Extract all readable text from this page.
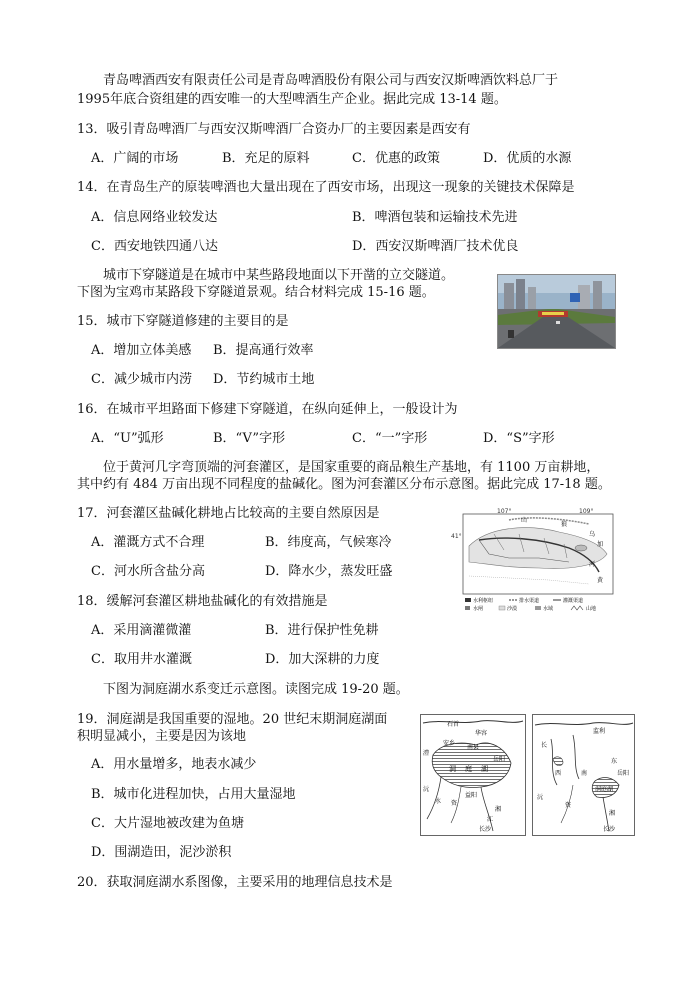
青岛啤酒西安有限责任公司是青岛啤酒股份有限公司与西安汉斯啤酒饮料总厂于
1995年底合资组建的西安唯一的大型啤酒生产企业。据此完成 13-14 题。
13．吸引青岛啤酒厂与西安汉斯啤酒厂合资办厂的主要因素是西安有
A．广阔的市场	B．充足的原料	C．优惠的政策	D．优质的水源
14．在青岛生产的原装啤酒也大量出现在了西安市场，出现这一现象的关键技术保障是
A．信息网络业较发达	B．啤酒包装和运输技术先进
C．西安地铁四通八达	D．西安汉斯啤酒厂技术优良
城市下穿隧道是在城市中某些路段地面以下开凿的立交隧道。
下图为宝鸡市某路段下穿隧道景观。结合材料完成 15-16 题。
15．城市下穿隧道修建的主要目的是
A．增加立体美感 B．提高通行效率
C．减少城市内涝 D．节约城市土地
16．在城市平坦路面下修建下穿隧道，在纵向延伸上，一般设计为
A．“U”弧形	B．“V”字形	C．“一”字形	D．“S”字形
位于黄河几字弯顶端的河套灌区，是国家重要的商品粮生产基地，有 1100 万亩耕地，
其中约有 484 万亩出现不同程度的盐碱化。图为河套灌区分布示意图。据此完成 17-18 题。
107°	109°
41°
山
狼
乌
加
河
黄
水利枢纽	排水渠道	灌溉渠道
水闸	沙漠	水域	山地
17．河套灌区盐碱化耕地占比较高的主要自然原因是
A．灌溉方式不合理	B．纬度高，气候寒冷
C．河水所含盐分高	D．降水少，蒸发旺盛
18．缓解河套灌区耕地盐碱化的有效措施是
A．采用滴灌微灌	B．进行保护性免耕
C．取用井水灌溉	D．加大深耕的力度
下图为洞庭湖水系变迁示意图。读图完成 19-20 题。
石首
华容
安乡
南县
岳阳
澧
沅
资
湘
益阳
长沙
洞 庭 湖
水
江
监利
岳阳
长
洞庭湖
东
南
西
湘
长沙
资
沅
19．洞庭湖是我国重要的湿地。20 世纪末期洞庭湖面
积明显减小，主要是因为该地
A．用水量增多，地表水减少
B．城市化进程加快，占用大量湿地
C．大片湿地被改建为鱼塘
D．围湖造田，泥沙淤积
20．获取洞庭湖水系图像，主要采用的地理信息技术是
